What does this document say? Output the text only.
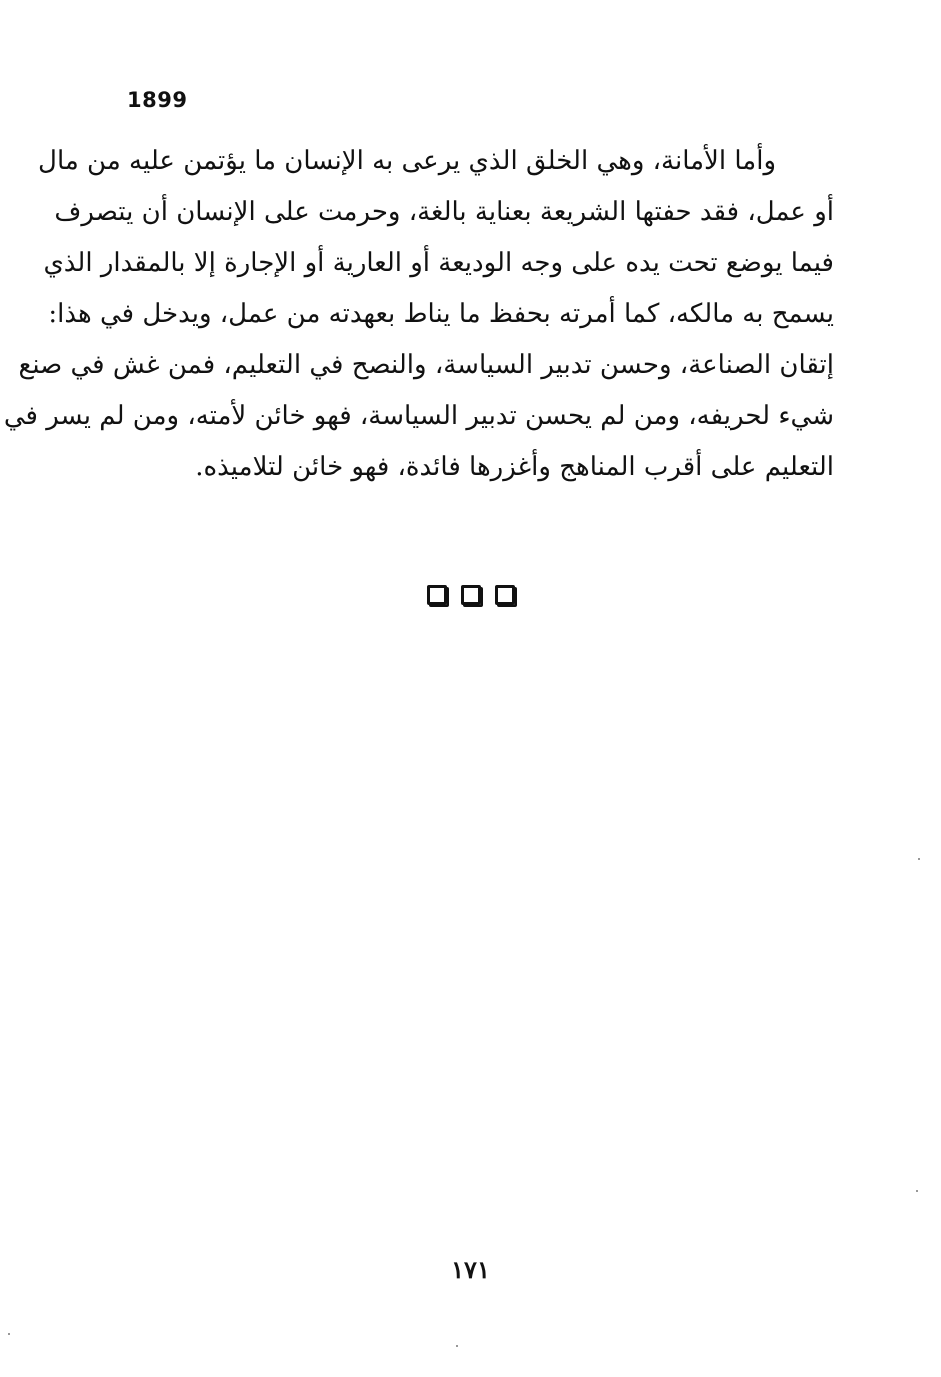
1899
وأما الأمانة، وهي الخلق الذي يرعى به الإنسان ما يؤتمن عليه من مال
أو عمل، فقد حفتها الشريعة بعناية بالغة، وحرمت على الإنسان أن يتصرف
فيما يوضع تحت يده على وجه الوديعة أو العارية أو الإجارة إلا بالمقدار الذي
يسمح به مالكه، كما أمرته بحفظ ما يناط بعهدته من عمل، ويدخل في هذا:
إتقان الصناعة، وحسن تدبير السياسة، والنصح في التعليم، فمن غش في صنع
شيء لحريفه، ومن لم يحسن تدبير السياسة، فهو خائن لأمته، ومن لم يسر في
التعليم على أقرب المناهج وأغزرها فائدة، فهو خائن لتلاميذه.
١٧١
